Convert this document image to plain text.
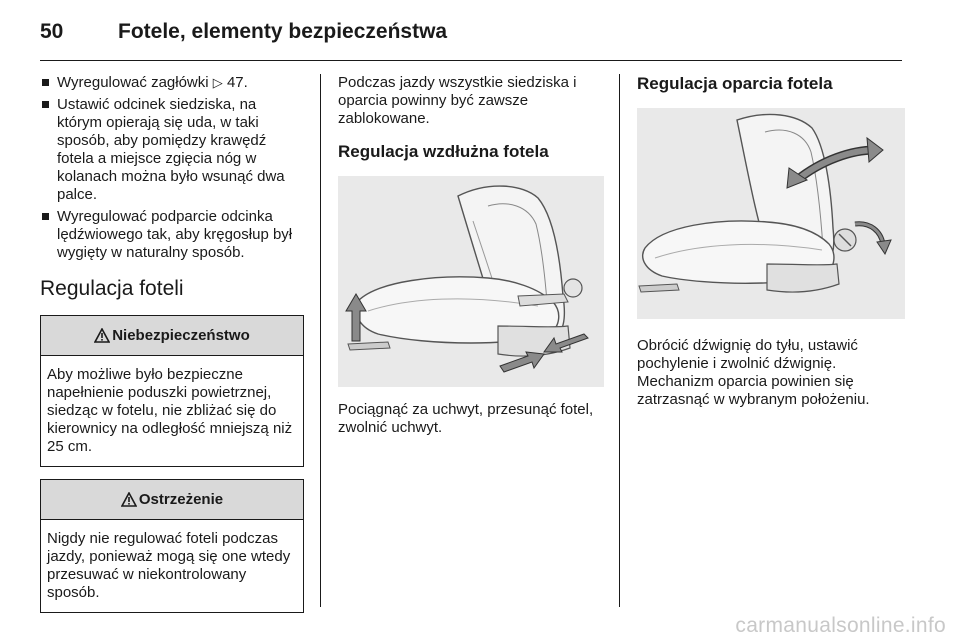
50	Fotele, elementy bezpieczeństwa
Wyregulować zagłówki ▷ 47.
Ustawić odcinek siedziska, na którym opierają się uda, w taki sposób, aby pomiędzy krawędź fotela a miejsce zgięcia nóg w kolanach można było wsunąć dwa palce.
Wyregulować podparcie odcinka lędźwiowego tak, aby kręgosłup był wygięty w naturalny sposób.
Regulacja foteli
Niebezpieczeństwo
Aby możliwe było bezpieczne napełnienie poduszki powietrznej, siedząc w fotelu, nie zbliżać się do kierownicy na odległość mniejszą niż 25 cm.
Ostrzeżenie
Nigdy nie regulować foteli podczas jazdy, ponieważ mogą się one wtedy przesuwać w niekontrolowany sposób.

Podczas jazdy wszystkie siedziska i oparcia powinny być zawsze zablokowane.

Regulacja wzdłużna fotela

Pociągnąć za uchwyt, przesunąć fotel, zwolnić uchwyt.

Regulacja oparcia fotela

Obrócić dźwignię do tyłu, ustawić pochylenie i zwolnić dźwignię. Mechanizm oparcia powinien się zatrzasnąć w wybranym położeniu.

carmanualsonline.info
